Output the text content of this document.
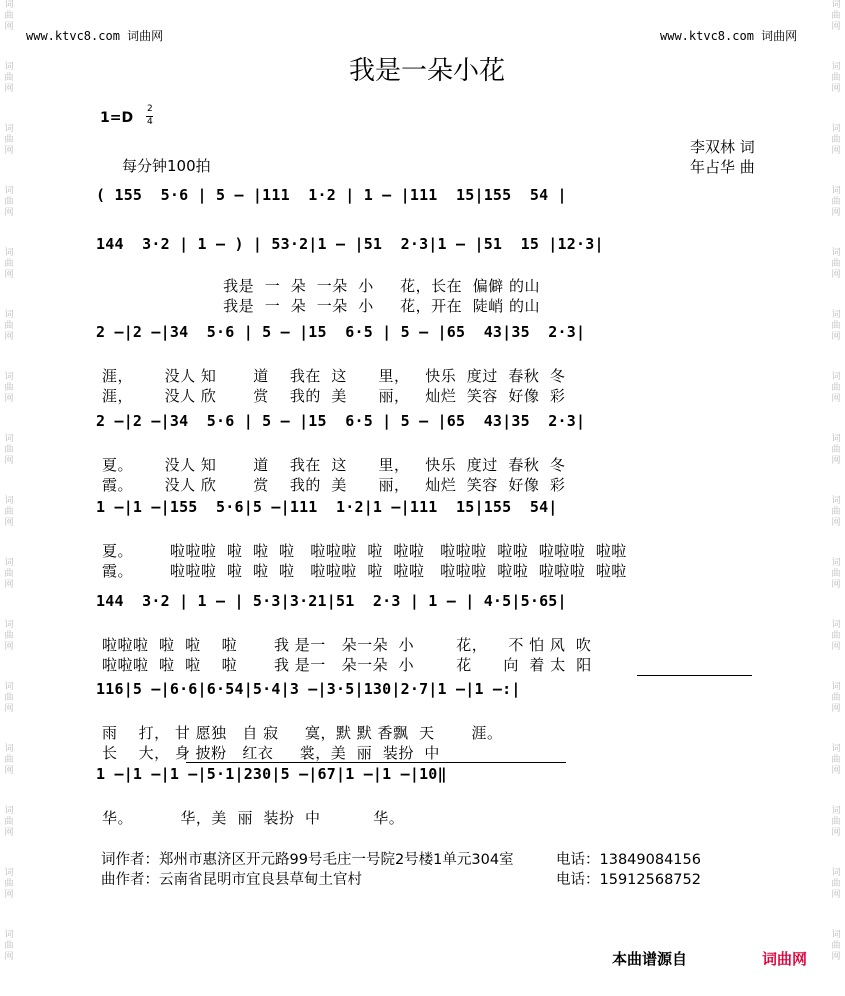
词
曲
网
词
曲
网
词
曲
网
词
曲
网
词
曲
网
词
曲
网
词
曲
网
词
曲
网
词
曲
网
词
曲
网
词
曲
网
词
曲
网
词
曲
网
词
曲
网
词
曲
网
词
曲
网
词
曲
网
词
曲
网
词
曲
网
词
曲
网
词
曲
网
词
曲
网
词
曲
网
词
曲
网
词
曲
网
词
曲
网
词
曲
网
词
曲
网
词
曲
网
词
曲
网
词
曲
网
词
曲
网
www.ktvc8.com 词曲网	www.ktvc8.com 词曲网
我是一朵小花
1=D
2
4
李双林 词
每分钟100拍	年占华 曲
( 155  5·6 | 5 — |111  1·2 | 1 — |111  15|155  54 |
144  3·2 | 1 — ) | 53·2|1 — |51  2·3|1 — |51  15 |12·3|
我是  一  朵  一朵  小     花，长在  偏僻 的山
我是  一  朵  一朵  小     花，开在  陡峭 的山
2 —|2 —|34  5·6 | 5 — |15  6·5 | 5 — |65  43|35  2·3|
涯，      没人 知       道    我在  这      里，   快乐  度过  春秋  冬
涯，      没人 欣       赏    我的  美      丽，   灿烂  笑容  好像  彩
2 —|2 —|34  5·6 | 5 — |15  6·5 | 5 — |65  43|35  2·3|
夏。      没人 知       道    我在  这      里，   快乐  度过  春秋  冬
霞。      没人 欣       赏    我的  美      丽，   灿烂  笑容  好像  彩
1 —|1 —|155  5·6|5 —|111  1·2|1 —|111  15|155  54|
夏。       啦啦啦  啦  啦  啦   啦啦啦  啦  啦啦   啦啦啦  啦啦  啦啦啦  啦啦
霞。       啦啦啦  啦  啦  啦   啦啦啦  啦  啦啦   啦啦啦  啦啦  啦啦啦  啦啦
144  3·2 | 1 — | 5·3|3·21|51  2·3 | 1 — | 4·5|5·65|
啦啦啦  啦  啦    啦       我 是一   朵一朵  小        花，    不 怕 风  吹
啦啦啦  啦  啦    啦       我 是一   朵一朵  小        花      向  着 太  阳
116|5 —|6·6|6·54|5·4|3 —|3·5|130|2·7|1 —|1 —:|
雨    打， 甘 愿独   自 寂     寞，默 默 香飘  天       涯。
长    大， 身 披粉   红衣     裳，美  丽  装扮  中
1 —|1 —|1 —|5·1|230|5 —|67|1 —|1 —|10‖
华。         华，美  丽  装扮  中          华。
词作者：郑州市惠济区开元路99号毛庄一号院2号楼1单元304室	电话：13849084156
曲作者：云南省昆明市宜良县草甸土官村	电话：15912568752
本曲谱源自	词曲网
